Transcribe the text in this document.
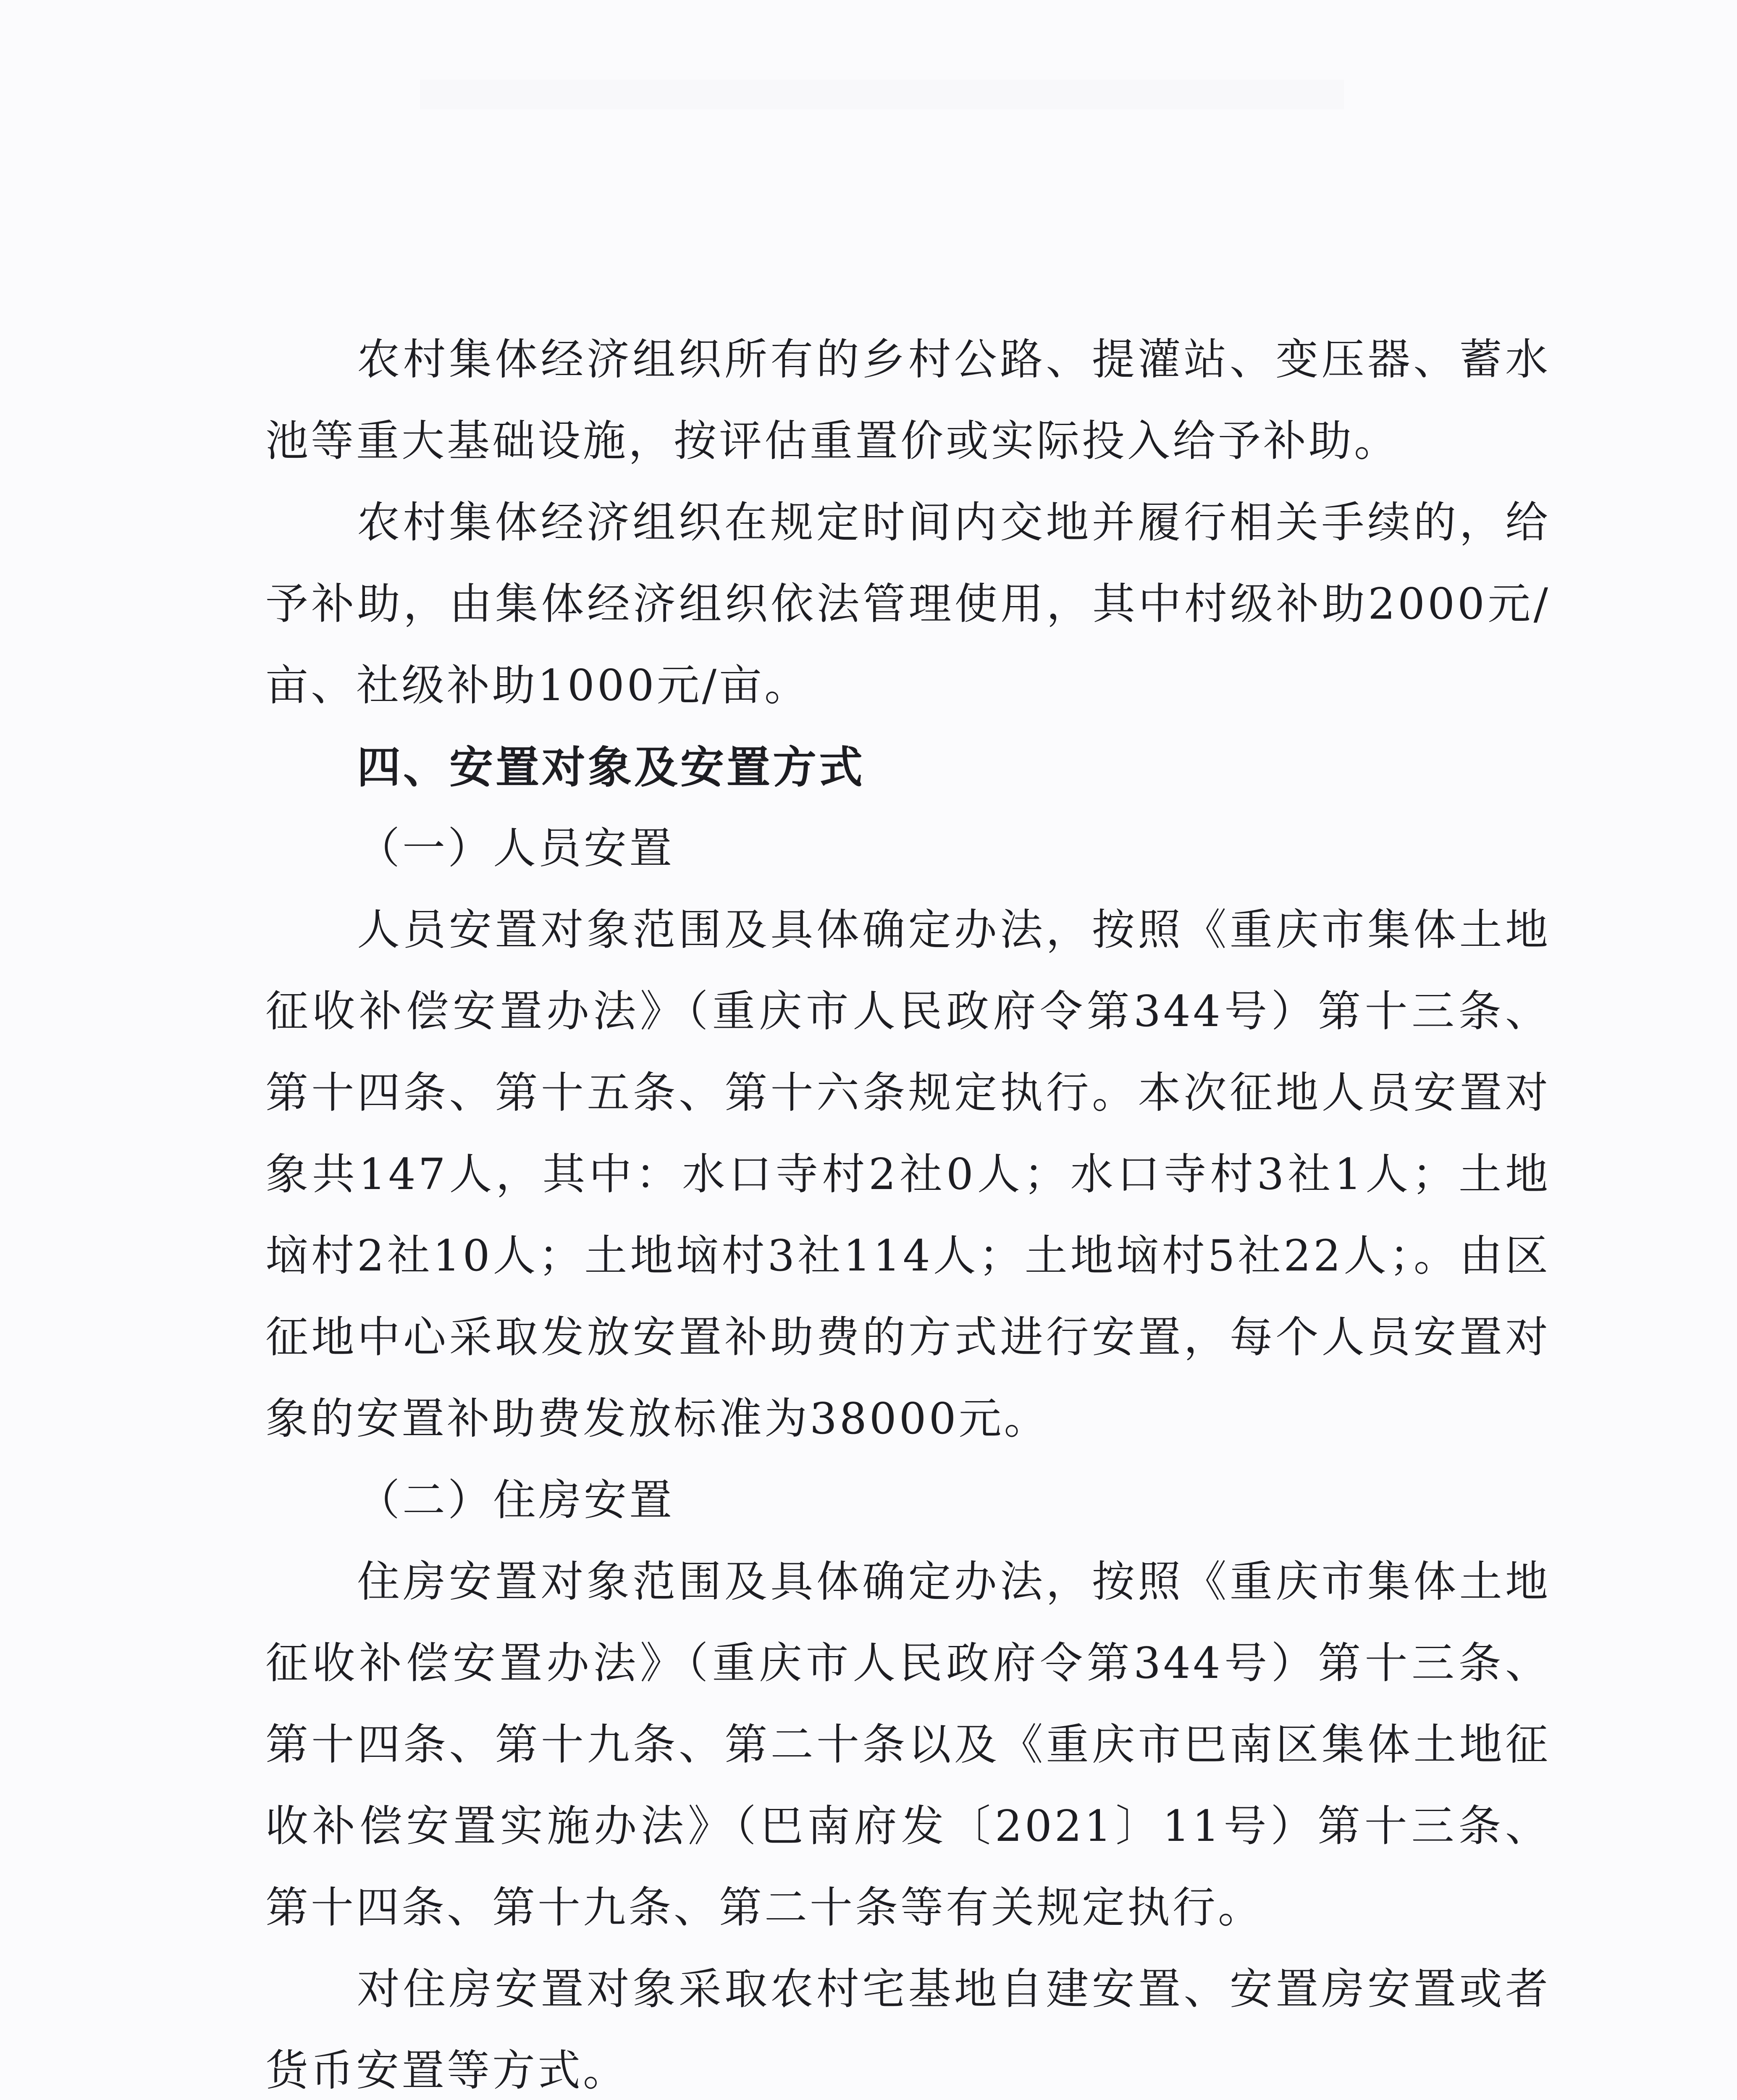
农村集体经济组织所有的乡村公路、提灌站、变压器、蓄水池等重大基础设施，按评估重置价或实际投入给予补助。

农村集体经济组织在规定时间内交地并履行相关手续的，给予补助，由集体经济组织依法管理使用，其中村级补助2000元/亩、社级补助1000元/亩。

四、安置对象及安置方式

（一）人员安置

人员安置对象范围及具体确定办法，按照《重庆市集体土地征收补偿安置办法》（重庆市人民政府令第344号）第十三条、第十四条、第十五条、第十六条规定执行。本次征地人员安置对象共147人，其中：水口寺村2社0人；水口寺村3社1人；土地垴村2社10人；土地垴村3社114人；土地垴村5社22人；。由区征地中心采取发放安置补助费的方式进行安置，每个人员安置对象的安置补助费发放标准为38000元。

（二）住房安置

住房安置对象范围及具体确定办法，按照《重庆市集体土地征收补偿安置办法》（重庆市人民政府令第344号）第十三条、第十四条、第十九条、第二十条以及《重庆市巴南区集体土地征收补偿安置实施办法》（巴南府发〔2021〕11号）第十三条、第十四条、第十九条、第二十条等有关规定执行。

对住房安置对象采取农村宅基地自建安置、安置房安置或者货币安置等方式。
